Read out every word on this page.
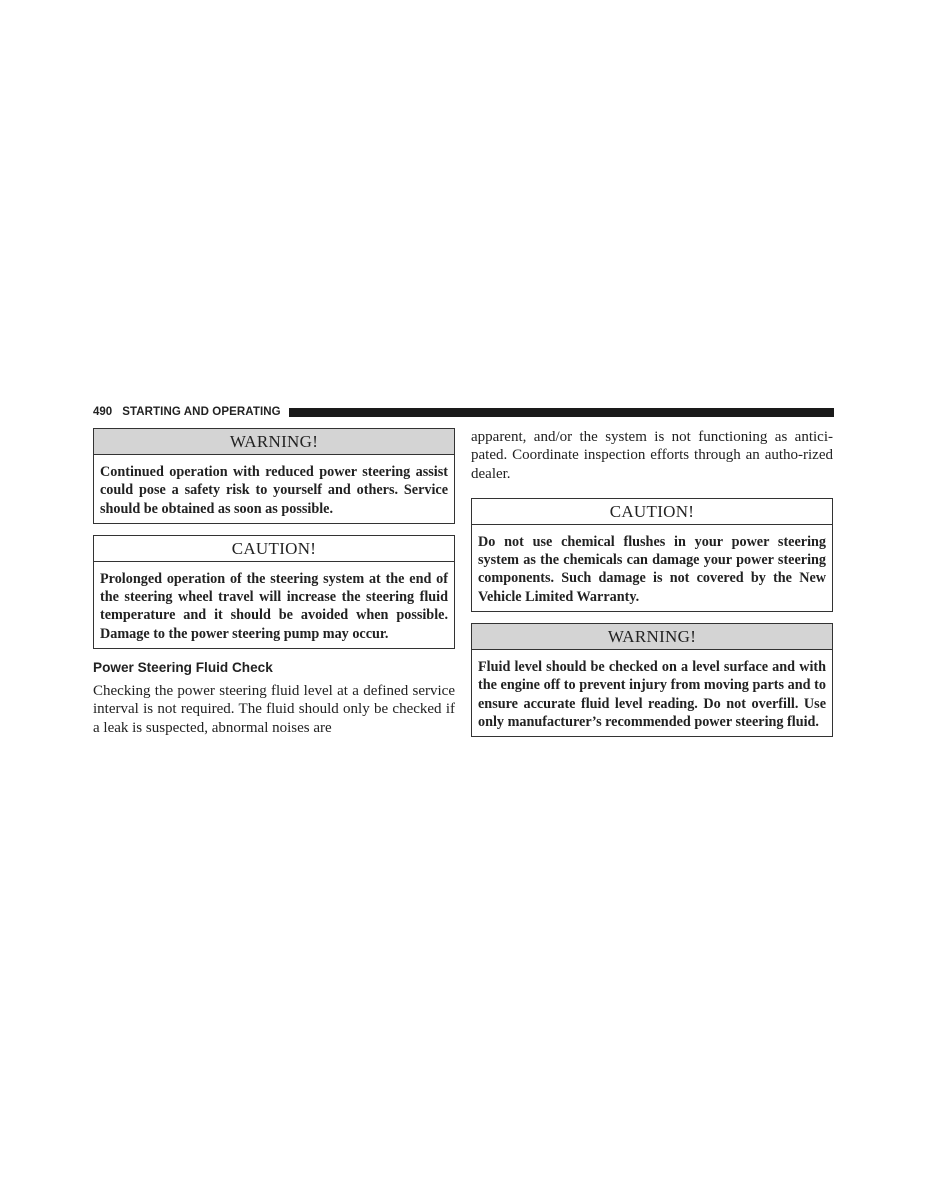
490 STARTING AND OPERATING
WARNING!
Continued operation with reduced power steering assist could pose a safety risk to yourself and others. Service should be obtained as soon as possible.
CAUTION!
Prolonged operation of the steering system at the end of the steering wheel travel will increase the steering fluid temperature and it should be avoided when possible. Damage to the power steering pump may occur.
Power Steering Fluid Check

Checking the power steering fluid level at a defined service interval is not required. The fluid should only be checked if a leak is suspected, abnormal noises are

apparent, and/or the system is not functioning as antici-pated. Coordinate inspection efforts through an autho-rized dealer.

CAUTION!
Do not use chemical flushes in your power steering system as the chemicals can damage your power steering components. Such damage is not covered by the New Vehicle Limited Warranty.
WARNING!
Fluid level should be checked on a level surface and with the engine off to prevent injury from moving parts and to ensure accurate fluid level reading. Do not overfill. Use only manufacturer’s recommended power steering fluid.
